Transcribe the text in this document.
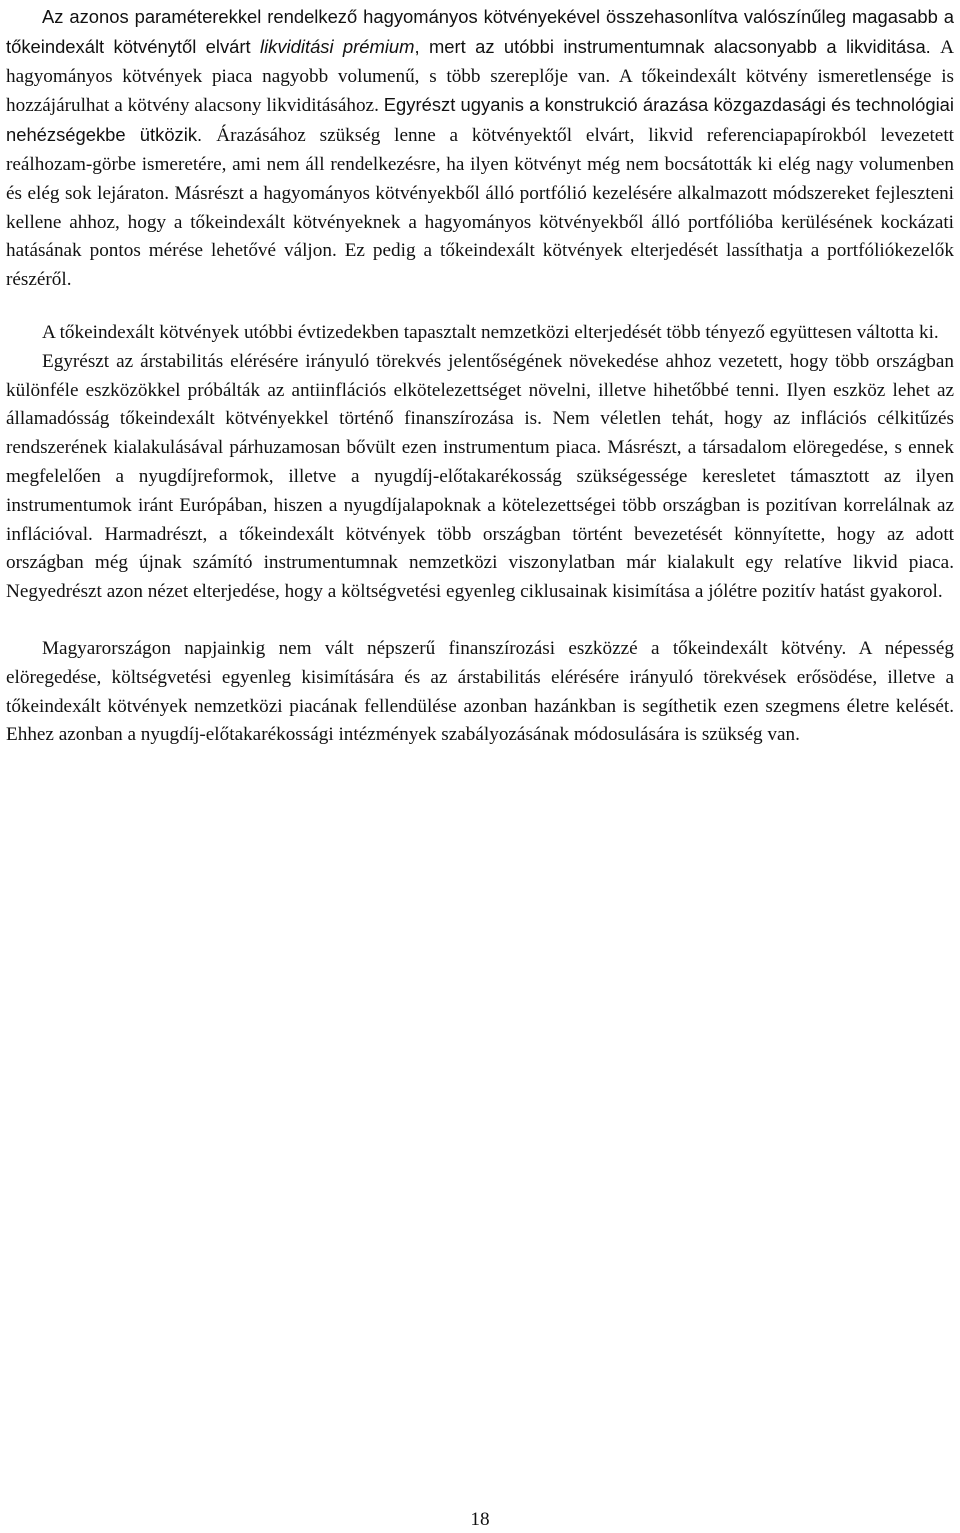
Az azonos paraméterekkel rendelkező hagyományos kötvényekével összehasonlítva valószínűleg magasabb a tőkeindexált kötvénytől elvárt likviditási prémium, mert az utóbbi instrumentumnak alacsonyabb a likviditása. A hagyományos kötvények piaca nagyobb volumenű, s több szereplője van. A tőkeindexált kötvény ismeretlensége is hozzájárulhat a kötvény alacsony likviditásához. Egyrészt ugyanis a konstrukció árazása közgazdasági és technológiai nehézségekbe ütközik. Árazásához szükség lenne a kötvényektől elvárt, likvid referenciapapírokból levezetett reálhozam-görbe ismeretére, ami nem áll rendelkezésre, ha ilyen kötvényt még nem bocsátották ki elég nagy volumenben és elég sok lejáraton. Másrészt a hagyományos kötvényekből álló portfólió kezelésére alkalmazott módszereket fejleszteni kellene ahhoz, hogy a tőkeindexált kötvényeknek a hagyományos kötvényekből álló portfólióba kerülésének kockázati hatásának pontos mérése lehetővé váljon. Ez pedig a tőkeindexált kötvények elterjedését lassíthatja a portfóliókezelők részéről.

A tőkeindexált kötvények utóbbi évtizedekben tapasztalt nemzetközi elterjedését több tényező együttesen váltotta ki.

Egyrészt az árstabilitás elérésére irányuló törekvés jelentőségének növekedése ahhoz vezetett, hogy több országban különféle eszközökkel próbálták az antiinflációs elkötelezettséget növelni, illetve hihetőbbé tenni. Ilyen eszköz lehet az államadósság tőkeindexált kötvényekkel történő finanszírozása is. Nem véletlen tehát, hogy az inflációs célkitűzés rendszerének kialakulásával párhuzamosan bővült ezen instrumentum piaca. Másrészt, a társadalom elöregedése, s ennek megfelelően a nyugdíjreformok, illetve a nyugdíj-előtakarékosság szükségessége keresletet támasztott az ilyen instrumentumok iránt Európában, hiszen a nyugdíjalapoknak a kötelezettségei több országban is pozitívan korrelálnak az inflációval. Harmadrészt, a tőkeindexált kötvények több országban történt bevezetését könnyítette, hogy az adott országban még újnak számító instrumentumnak nemzetközi viszonylatban már kialakult egy relatíve likvid piaca. Negyedrészt azon nézet elterjedése, hogy a költségvetési egyenleg ciklusainak kisimítása a jólétre pozitív hatást gyakorol.

Magyarországon napjainkig nem vált népszerű finanszírozási eszközzé a tőkeindexált kötvény. A népesség elöregedése, költségvetési egyenleg kisimítására és az árstabilitás elérésére irányuló törekvések erősödése, illetve a tőkeindexált kötvények nemzetközi piacának fellendülése azonban hazánkban is segíthetik ezen szegmens életre kelését. Ehhez azonban a nyugdíj-előtakarékossági intézmények szabályozásának módosulására is szükség van.

18
